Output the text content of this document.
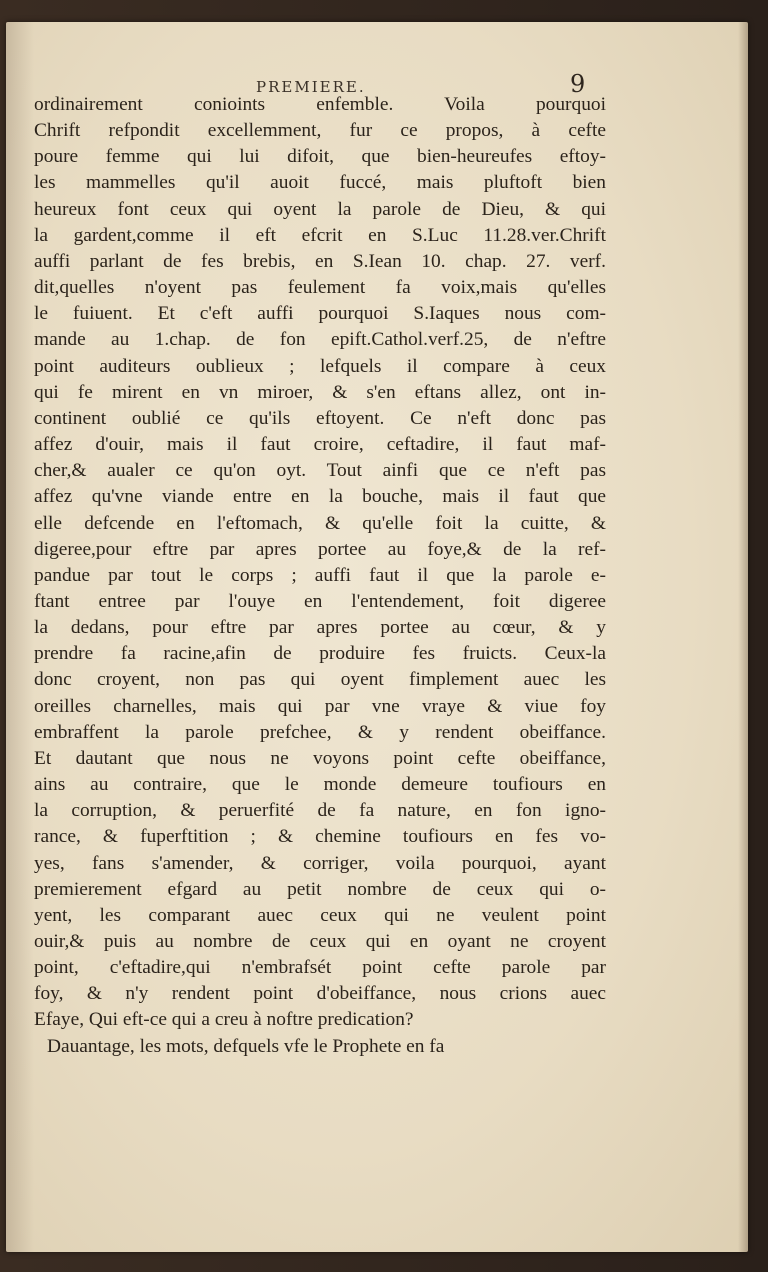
PREMIERE.	9
ordinairement conioints enfemble. Voila pourquoi
Chrift refpondit excellemment, fur ce propos, à cefte
poure femme qui lui difoit, que bien-heureufes eftoy-
les mammelles qu'il auoit fuccé, mais pluftoft bien
heureux font ceux qui oyent la parole de Dieu, & qui
la gardent,comme il eft efcrit en S.Luc 11.28.ver.Chrift
auffi parlant de fes brebis, en S.Iean 10. chap. 27. verf.
dit,quelles n'oyent pas feulement fa voix,mais qu'elles
le fuiuent. Et c'eft auffi pourquoi S.Iaques nous com-
mande au 1.chap. de fon epift.Cathol.verf.25, de n'eftre
point auditeurs oublieux ; lefquels il compare à ceux
qui fe mirent en vn miroer, & s'en eftans allez, ont in-
continent oublié ce qu'ils eftoyent. Ce n'eft donc pas
affez d'ouir, mais il faut croire, ceftadire, il faut maf-
cher,& aualer ce qu'on oyt. Tout ainfi que ce n'eft pas
affez qu'vne viande entre en la bouche, mais il faut que
elle defcende en l'eftomach, & qu'elle foit la cuitte, &
digeree,pour eftre par apres portee au foye,& de la ref-
pandue par tout le corps ; auffi faut il que la parole e-
ftant entree par l'ouye en l'entendement, foit digeree
la dedans, pour eftre par apres portee au cœur, & y
prendre fa racine,afin de produire fes fruicts. Ceux-la
donc croyent, non pas qui oyent fimplement auec les
oreilles charnelles, mais qui par vne vraye & viue foy
embraffent la parole prefchee, & y rendent obeiffance.
Et dautant que nous ne voyons point cefte obeiffance,
ains au contraire, que le monde demeure toufiours en
la corruption, & peruerfité de fa nature, en fon igno-
rance, & fuperftition ; & chemine toufiours en fes vo-
yes, fans s'amender, & corriger, voila pourquoi, ayant
premierement efgard au petit nombre de ceux qui o-
yent, les comparant auec ceux qui ne veulent point
ouir,& puis au nombre de ceux qui en oyant ne croyent
point, c'eftadire,qui n'embrafsét point cefte parole par
foy, & n'y rendent point d'obeiffance, nous crions auec
Efaye, Qui eft-ce qui a creu à noftre predication?
Dauantage, les mots, defquels vfe le Prophete en fa
